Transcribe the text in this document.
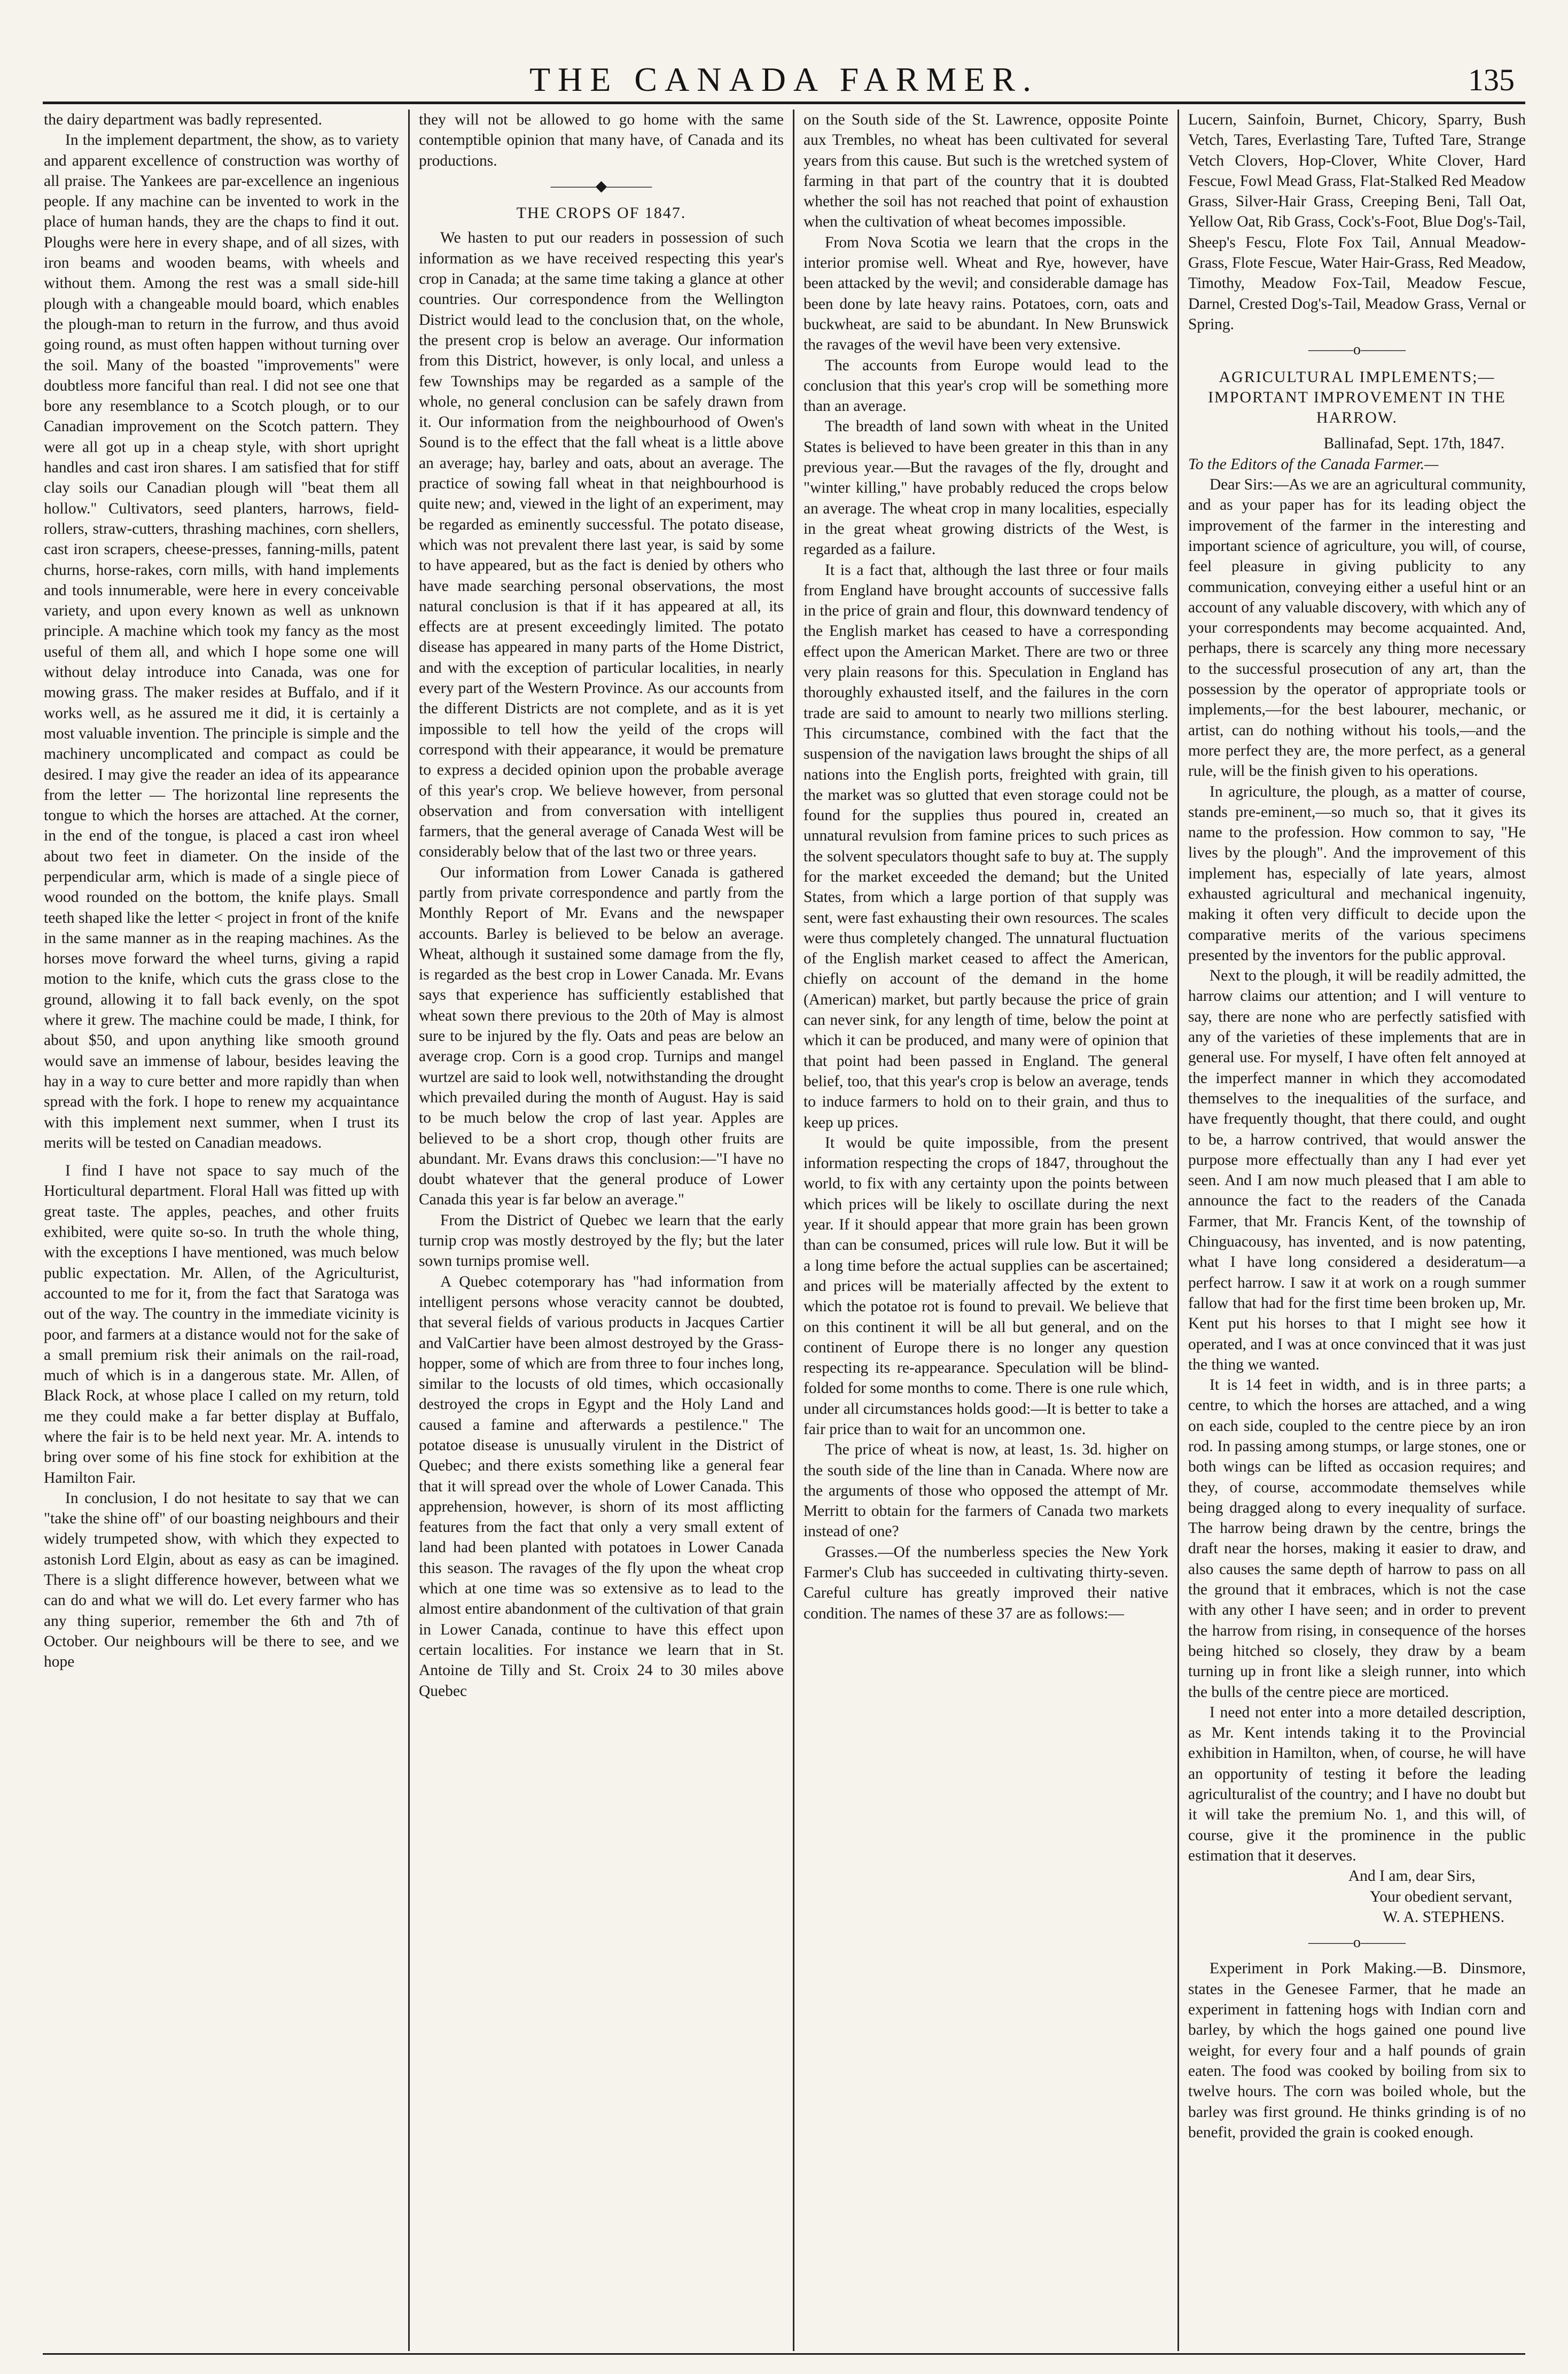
THE CANADA FARMER.	135

the dairy department was badly represented.

In the implement department, the show, as to variety and apparent excellence of construction was worthy of all praise. The Yankees are par-excellence an ingenious people. If any machine can be invented to work in the place of human hands, they are the chaps to find it out. Ploughs were here in every shape, and of all sizes, with iron beams and wooden beams, with wheels and without them. Among the rest was a small side-hill plough with a changeable mould board, which enables the plough-man to return in the furrow, and thus avoid going round, as must often happen without turning over the soil. Many of the boasted "improvements" were doubtless more fanciful than real. I did not see one that bore any resemblance to a Scotch plough, or to our Canadian improvement on the Scotch pattern. They were all got up in a cheap style, with short upright handles and cast iron shares. I am satisfied that for stiff clay soils our Canadian plough will "beat them all hollow." Cultivators, seed planters, harrows, field-rollers, straw-cutters, thrashing machines, corn shellers, cast iron scrapers, cheese-presses, fanning-mills, patent churns, horse-rakes, corn mills, with hand implements and tools innumerable, were here in every conceivable variety, and upon every known as well as unknown principle. A machine which took my fancy as the most useful of them all, and which I hope some one will without delay introduce into Canada, was one for mowing grass. The maker resides at Buffalo, and if it works well, as he assured me it did, it is certainly a most valuable invention. The principle is simple and the machinery uncomplicated and compact as could be desired. I may give the reader an idea of its appearance from the letter — The horizontal line represents the tongue to which the horses are attached. At the corner, in the end of the tongue, is placed a cast iron wheel about two feet in diameter. On the inside of the perpendicular arm, which is made of a single piece of wood rounded on the bottom, the knife plays. Small teeth shaped like the letter < project in front of the knife in the same manner as in the reaping machines. As the horses move forward the wheel turns, giving a rapid motion to the knife, which cuts the grass close to the ground, allowing it to fall back evenly, on the spot where it grew. The machine could be made, I think, for about $50, and upon anything like smooth ground would save an immense of labour, besides leaving the hay in a way to cure better and more rapidly than when spread with the fork. I hope to renew my acquaintance with this implement next summer, when I trust its merits will be tested on Canadian meadows.

I find I have not space to say much of the Horticultural department. Floral Hall was fitted up with great taste. The apples, peaches, and other fruits exhibited, were quite so-so. In truth the whole thing, with the exceptions I have mentioned, was much below public expectation. Mr. Allen, of the Agriculturist, accounted to me for it, from the fact that Saratoga was out of the way. The country in the immediate vicinity is poor, and farmers at a distance would not for the sake of a small premium risk their animals on the rail-road, much of which is in a dangerous state. Mr. Allen, of Black Rock, at whose place I called on my return, told me they could make a far better display at Buffalo, where the fair is to be held next year. Mr. A. intends to bring over some of his fine stock for exhibition at the Hamilton Fair.

In conclusion, I do not hesitate to say that we can "take the shine off" of our boasting neighbours and their widely trumpeted show, with which they expected to astonish Lord Elgin, about as easy as can be imagined. There is a slight difference however, between what we can do and what we will do. Let every farmer who has any thing superior, remember the 6th and 7th of October. Our neighbours will be there to see, and we hope

they will not be allowed to go home with the same contemptible opinion that many have, of Canada and its productions.

———◆———

THE CROPS OF 1847.

We hasten to put our readers in possession of such information as we have received respecting this year's crop in Canada; at the same time taking a glance at other countries. Our correspondence from the Wellington District would lead to the conclusion that, on the whole, the present crop is below an average. Our information from this District, however, is only local, and unless a few Townships may be regarded as a sample of the whole, no general conclusion can be safely drawn from it. Our information from the neighbourhood of Owen's Sound is to the effect that the fall wheat is a little above an average; hay, barley and oats, about an average. The practice of sowing fall wheat in that neighbourhood is quite new; and, viewed in the light of an experiment, may be regarded as eminently successful. The potato disease, which was not prevalent there last year, is said by some to have appeared, but as the fact is denied by others who have made searching personal observations, the most natural conclusion is that if it has appeared at all, its effects are at present exceedingly limited. The potato disease has appeared in many parts of the Home District, and with the exception of particular localities, in nearly every part of the Western Province. As our accounts from the different Districts are not complete, and as it is yet impossible to tell how the yeild of the crops will correspond with their appearance, it would be premature to express a decided opinion upon the probable average of this year's crop. We believe however, from personal observation and from conversation with intelligent farmers, that the general average of Canada West will be considerably below that of the last two or three years.

Our information from Lower Canada is gathered partly from private correspondence and partly from the Monthly Report of Mr. Evans and the newspaper accounts. Barley is believed to be below an average. Wheat, although it sustained some damage from the fly, is regarded as the best crop in Lower Canada. Mr. Evans says that experience has sufficiently established that wheat sown there previous to the 20th of May is almost sure to be injured by the fly. Oats and peas are below an average crop. Corn is a good crop. Turnips and mangel wurtzel are said to look well, notwithstanding the drought which prevailed during the month of August. Hay is said to be much below the crop of last year. Apples are believed to be a short crop, though other fruits are abundant. Mr. Evans draws this conclusion:—"I have no doubt whatever that the general produce of Lower Canada this year is far below an average."

From the District of Quebec we learn that the early turnip crop was mostly destroyed by the fly; but the later sown turnips promise well.

A Quebec cotemporary has "had information from intelligent persons whose veracity cannot be doubted, that several fields of various products in Jacques Cartier and ValCartier have been almost destroyed by the Grass-hopper, some of which are from three to four inches long, similar to the locusts of old times, which occasionally destroyed the crops in Egypt and the Holy Land and caused a famine and afterwards a pestilence." The potatoe disease is unusually virulent in the District of Quebec; and there exists something like a general fear that it will spread over the whole of Lower Canada. This apprehension, however, is shorn of its most afflicting features from the fact that only a very small extent of land had been planted with potatoes in Lower Canada this season. The ravages of the fly upon the wheat crop which at one time was so extensive as to lead to the almost entire abandonment of the cultivation of that grain in Lower Canada, continue to have this effect upon certain localities. For instance we learn that in St. Antoine de Tilly and St. Croix 24 to 30 miles above Quebec

on the South side of the St. Lawrence, opposite Pointe aux Trembles, no wheat has been cultivated for several years from this cause. But such is the wretched system of farming in that part of the country that it is doubted whether the soil has not reached that point of exhaustion when the cultivation of wheat becomes impossible.

From Nova Scotia we learn that the crops in the interior promise well. Wheat and Rye, however, have been attacked by the wevil; and considerable damage has been done by late heavy rains. Potatoes, corn, oats and buckwheat, are said to be abundant. In New Brunswick the ravages of the wevil have been very extensive.

The accounts from Europe would lead to the conclusion that this year's crop will be something more than an average.

The breadth of land sown with wheat in the United States is believed to have been greater in this than in any previous year.—But the ravages of the fly, drought and "winter killing," have probably reduced the crops below an average. The wheat crop in many localities, especially in the great wheat growing districts of the West, is regarded as a failure.

It is a fact that, although the last three or four mails from England have brought accounts of successive falls in the price of grain and flour, this downward tendency of the English market has ceased to have a corresponding effect upon the American Market. There are two or three very plain reasons for this. Speculation in England has thoroughly exhausted itself, and the failures in the corn trade are said to amount to nearly two millions sterling. This circumstance, combined with the fact that the suspension of the navigation laws brought the ships of all nations into the English ports, freighted with grain, till the market was so glutted that even storage could not be found for the supplies thus poured in, created an unnatural revulsion from famine prices to such prices as the solvent speculators thought safe to buy at. The supply for the market exceeded the demand; but the United States, from which a large portion of that supply was sent, were fast exhausting their own resources. The scales were thus completely changed. The unnatural fluctuation of the English market ceased to affect the American, chiefly on account of the demand in the home (American) market, but partly because the price of grain can never sink, for any length of time, below the point at which it can be produced, and many were of opinion that that point had been passed in England. The general belief, too, that this year's crop is below an average, tends to induce farmers to hold on to their grain, and thus to keep up prices.

It would be quite impossible, from the present information respecting the crops of 1847, throughout the world, to fix with any certainty upon the points between which prices will be likely to oscillate during the next year. If it should appear that more grain has been grown than can be consumed, prices will rule low. But it will be a long time before the actual supplies can be ascertained; and prices will be materially affected by the extent to which the potatoe rot is found to prevail. We believe that on this continent it will be all but general, and on the continent of Europe there is no longer any question respecting its re-appearance. Speculation will be blind-folded for some months to come. There is one rule which, under all circumstances holds good:—It is better to take a fair price than to wait for an uncommon one.

The price of wheat is now, at least, 1s. 3d. higher on the south side of the line than in Canada. Where now are the arguments of those who opposed the attempt of Mr. Merritt to obtain for the farmers of Canada two markets instead of one?

Grasses.—Of the numberless species the New York Farmer's Club has succeeded in cultivating thirty-seven. Careful culture has greatly improved their native condition. The names of these 37 are as follows:—

Lucern, Sainfoin, Burnet, Chicory, Sparry, Bush Vetch, Tares, Everlasting Tare, Tufted Tare, Strange Vetch Clovers, Hop-Clover, White Clover, Hard Fescue, Fowl Mead Grass, Flat-Stalked Red Meadow Grass, Silver-Hair Grass, Creeping Beni, Tall Oat, Yellow Oat, Rib Grass, Cock's-Foot, Blue Dog's-Tail, Sheep's Fescu, Flote Fox Tail, Annual Meadow-Grass, Flote Fescue, Water Hair-Grass, Red Meadow, Timothy, Meadow Fox-Tail, Meadow Fescue, Darnel, Crested Dog's-Tail, Meadow Grass, Vernal or Spring.

———o———

AGRICULTURAL IMPLEMENTS;—IMPORTANT IMPROVEMENT IN THE HARROW.

Ballinafad, Sept. 17th, 1847.

To the Editors of the Canada Farmer.—

Dear Sirs:—As we are an agricultural community, and as your paper has for its leading object the improvement of the farmer in the interesting and important science of agriculture, you will, of course, feel pleasure in giving publicity to any communication, conveying either a useful hint or an account of any valuable discovery, with which any of your correspondents may become acquainted. And, perhaps, there is scarcely any thing more necessary to the successful prosecution of any art, than the possession by the operator of appropriate tools or implements,—for the best labourer, mechanic, or artist, can do nothing without his tools,—and the more perfect they are, the more perfect, as a general rule, will be the finish given to his operations.

In agriculture, the plough, as a matter of course, stands pre-eminent,—so much so, that it gives its name to the profession. How common to say, "He lives by the plough". And the improvement of this implement has, especially of late years, almost exhausted agricultural and mechanical ingenuity, making it often very difficult to decide upon the comparative merits of the various specimens presented by the inventors for the public approval.

Next to the plough, it will be readily admitted, the harrow claims our attention; and I will venture to say, there are none who are perfectly satisfied with any of the varieties of these implements that are in general use. For myself, I have often felt annoyed at the imperfect manner in which they accomodated themselves to the inequalities of the surface, and have frequently thought, that there could, and ought to be, a harrow contrived, that would answer the purpose more effectually than any I had ever yet seen. And I am now much pleased that I am able to announce the fact to the readers of the Canada Farmer, that Mr. Francis Kent, of the township of Chinguacousy, has invented, and is now patenting, what I have long considered a desideratum—a perfect harrow. I saw it at work on a rough summer fallow that had for the first time been broken up, Mr. Kent put his horses to that I might see how it operated, and I was at once convinced that it was just the thing we wanted.

It is 14 feet in width, and is in three parts; a centre, to which the horses are attached, and a wing on each side, coupled to the centre piece by an iron rod. In passing among stumps, or large stones, one or both wings can be lifted as occasion requires; and they, of course, accommodate themselves while being dragged along to every inequality of surface. The harrow being drawn by the centre, brings the draft near the horses, making it easier to draw, and also causes the same depth of harrow to pass on all the ground that it embraces, which is not the case with any other I have seen; and in order to prevent the harrow from rising, in consequence of the horses being hitched so closely, they draw by a beam turning up in front like a sleigh runner, into which the bulls of the centre piece are morticed.

I need not enter into a more detailed description, as Mr. Kent intends taking it to the Provincial exhibition in Hamilton, when, of course, he will have an opportunity of testing it before the leading agriculturalist of the country; and I have no doubt but it will take the premium No. 1, and this will, of course, give it the prominence in the public estimation that it deserves.

And I am, dear Sirs,

Your obedient servant,

W. A. STEPHENS.

———o———

Experiment in Pork Making.—B. Dinsmore, states in the Genesee Farmer, that he made an experiment in fattening hogs with Indian corn and barley, by which the hogs gained one pound live weight, for every four and a half pounds of grain eaten. The food was cooked by boiling from six to twelve hours. The corn was boiled whole, but the barley was first ground. He thinks grinding is of no benefit, provided the grain is cooked enough.
